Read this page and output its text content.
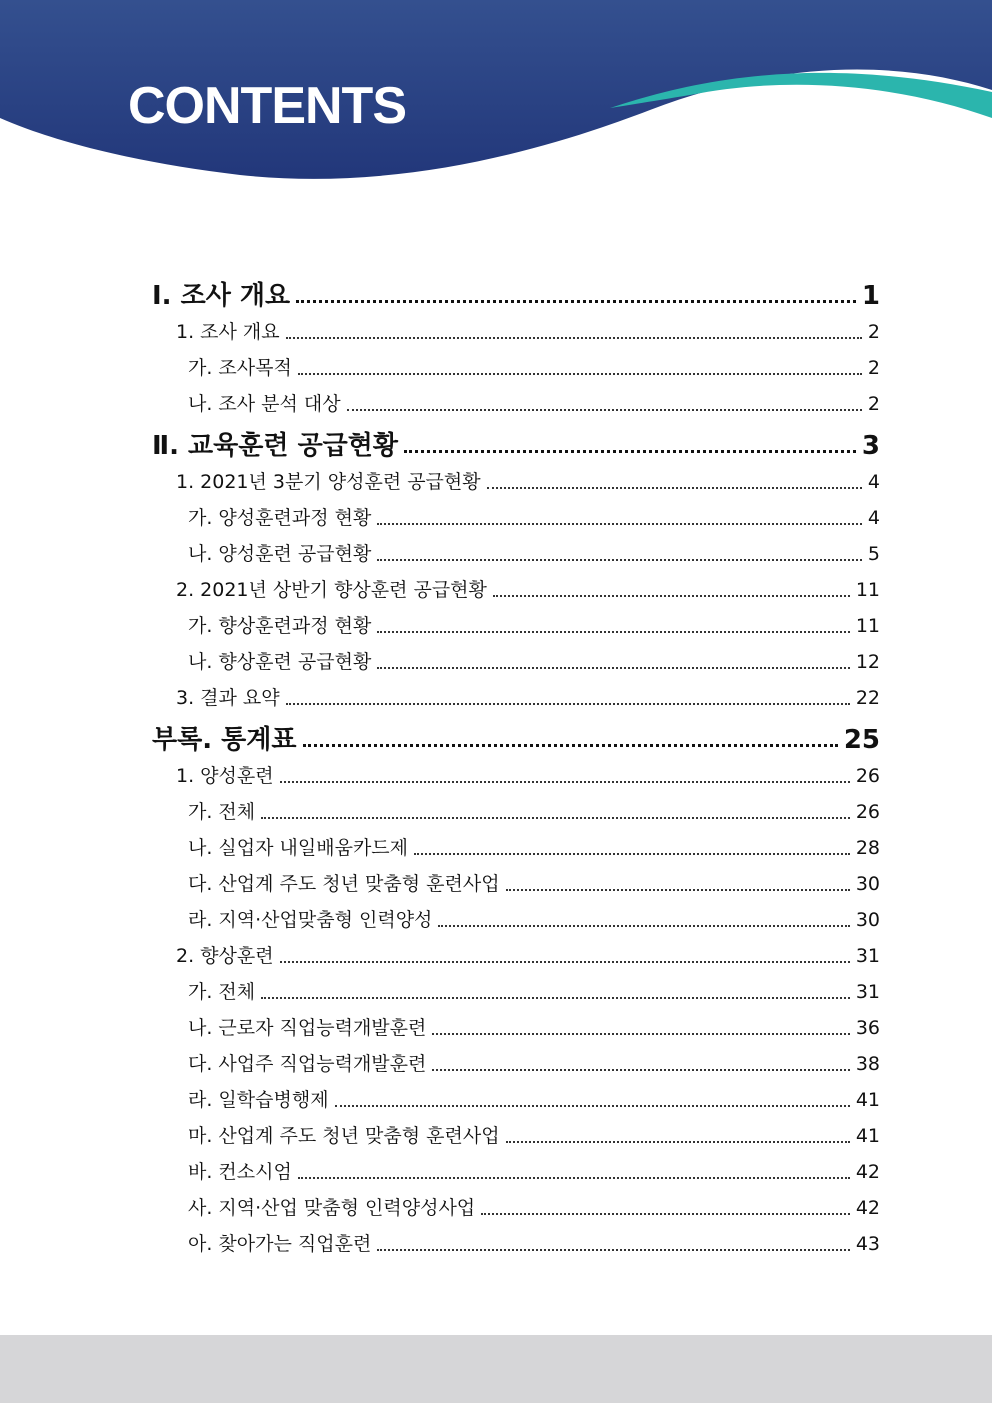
CONTENTS
Ⅰ. 조사 개요	1
1. 조사 개요	2
가. 조사목적	2
나. 조사 분석 대상	2
Ⅱ. 교육훈련 공급현황	3
1. 2021년 3분기 양성훈련 공급현황	4
가. 양성훈련과정 현황	4
나. 양성훈련 공급현황	5
2. 2021년 상반기 향상훈련 공급현황	11
가. 향상훈련과정 현황	11
나. 향상훈련 공급현황	12
3. 결과 요약	22
부록. 통계표	25
1. 양성훈련	26
가. 전체	26
나. 실업자 내일배움카드제	28
다. 산업계 주도 청년 맞춤형 훈련사업	30
라. 지역·산업맞춤형 인력양성	30
2. 향상훈련	31
가. 전체	31
나. 근로자 직업능력개발훈련	36
다. 사업주 직업능력개발훈련	38
라. 일학습병행제	41
마. 산업계 주도 청년 맞춤형 훈련사업	41
바. 컨소시엄	42
사. 지역·산업 맞춤형 인력양성사업	42
아. 찾아가는 직업훈련	43
